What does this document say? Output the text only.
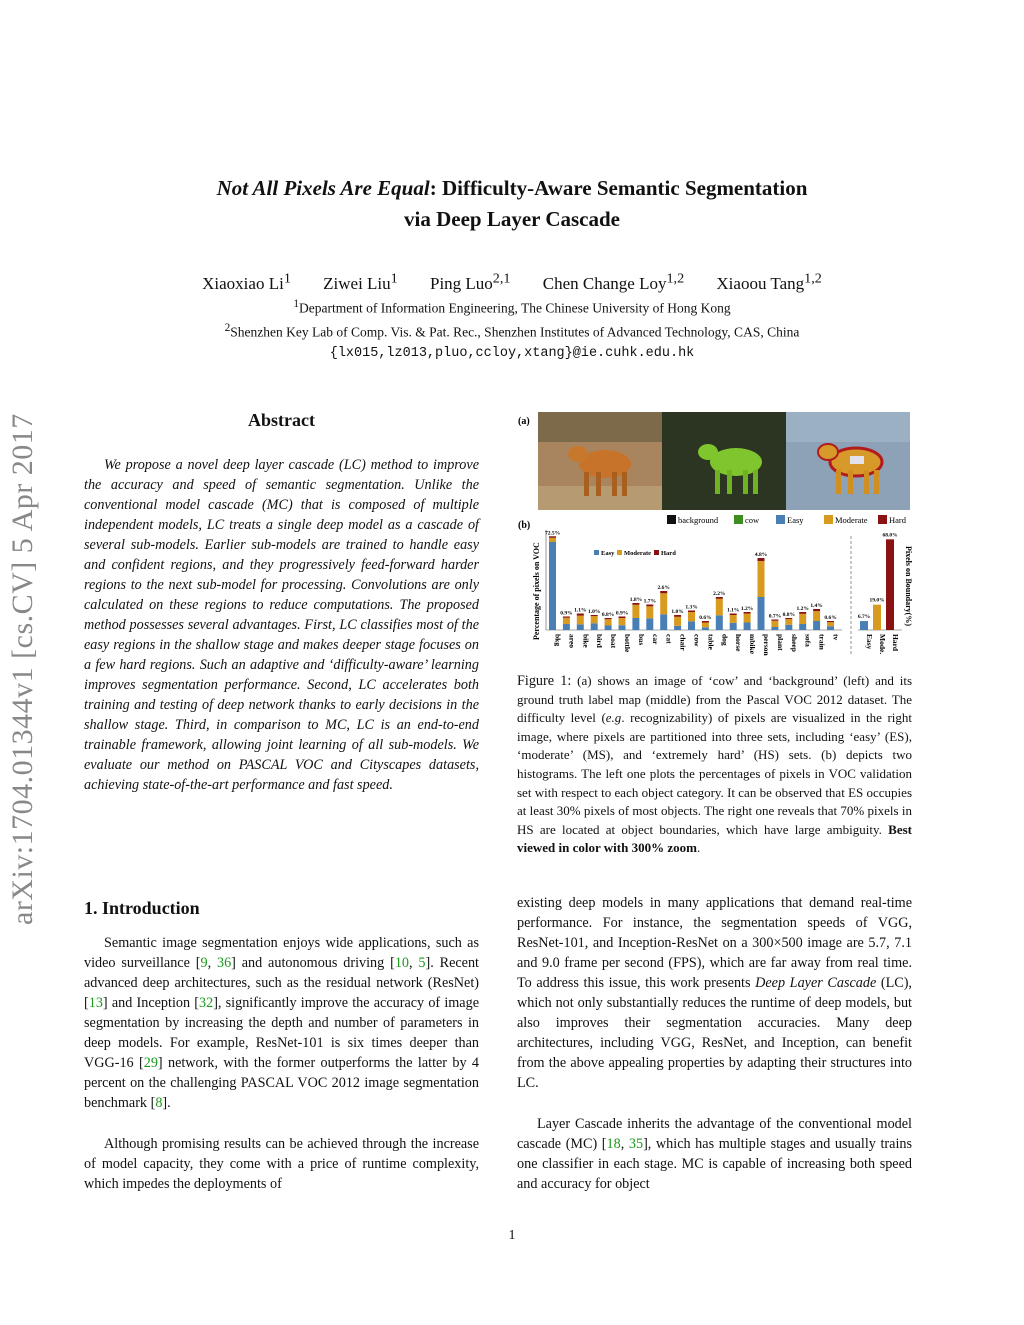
arXiv:1704.01344v1 [cs.CV] 5 Apr 2017
Not All Pixels Are Equal: Difficulty-Aware Semantic Segmentation
via Deep Layer Cascade
Xiaoxiao Li$^1$ Ziwei Liu$^1$ Ping Luo$^{2,1}$ Chen Change Loy$^{1,2}$ Xiaoou Tang$^{1,2}$
$^1$Department of Information Engineering, The Chinese University of Hong Kong
$^2$Shenzhen Key Lab of Comp. Vis. & Pat. Rec., Shenzhen Institutes of Advanced Technology, CAS, China
{lx015,lz013,pluo,ccloy,xtang}@ie.cuhk.edu.hk
Abstract
We propose a novel deep layer cascade (LC) method to improve the accuracy and speed of semantic segmentation. Unlike the conventional model cascade (MC) that is composed of multiple independent models, LC treats a single deep model as a cascade of several sub-models. Earlier sub-models are trained to handle easy and confident regions, and they progressively feed-forward harder regions to the next sub-model for processing. Convolutions are only calculated on these regions to reduce computations. The proposed method possesses several advantages. First, LC classifies most of the easy regions in the shallow stage and makes deeper stage focuses on a few hard regions. Such an adaptive and ‘difficulty-aware’ learning improves segmentation performance. Second, LC accelerates both training and testing of deep network thanks to early decisions in the shallow stage. Third, in comparison to MC, LC is an end-to-end trainable framework, allowing joint learning of all sub-models. We evaluate our method on PASCAL VOC and Cityscapes datasets, achieving state-of-the-art performance and fast speed.
1. Introduction
Semantic image segmentation enjoys wide applications, such as video surveillance [9, 36] and autonomous driving [10, 5]. Recent advanced deep architectures, such as the residual network (ResNet) [13] and Inception [32], significantly improve the accuracy of image segmentation by increasing the depth and number of parameters in deep models. For example, ResNet-101 is six times deeper than VGG-16 [29] network, with the former outperforms the latter by 4 percent on the challenging PASCAL VOC 2012 image segmentation benchmark [8].
Although promising results can be achieved through the increase of model capacity, they come with a price of runtime complexity, which impedes the deployments of
existing deep models in many applications that demand real-time performance. For instance, the segmentation speeds of VGG, ResNet-101, and Inception-ResNet on a 300×500 image are 5.7, 7.1 and 9.0 frame per second (FPS), which are far away from real time. To address this issue, this work presents Deep Layer Cascade (LC), which not only substantially reduces the runtime of deep models, but also improves their segmentation accuracies. Many deep architectures, including VGG, ResNet, and Inception, can benefit from the above appealing properties by adapting their structures into LC.
Layer Cascade inherits the advantage of the conventional model cascade (MC) [18, 35], which has multiple stages and usually trains one classifier in each stage. MC is capable of increasing both speed and accuracy for object
(a)
(b)	background	cow	Easy	Moderate	Hard
Easy Moderate Hard
Percentage of pixels on VOC	Pixels on Boundary(%)
72.5%
bkg
0.9%
areo
1.1%
bike
1.0%
bird
0.8%
boat
0.9%
bottle
1.8%
bus
1.7%
car
2.6%
cat
1.0%
chair
1.3%
cow
0.6%
table
2.2%
dog
1.1%
horse
1.2%
mbike
4.8%
person
0.7%
plant
0.8%
sheep
1.2%
sofa
1.4%
train
0.6%
tv
6.7%
Easy
19.0%
Mode.
68.0%
Hard
Figure 1: (a) shows an image of ‘cow’ and ‘background’ (left) and its ground truth label map (middle) from the Pascal VOC 2012 dataset. The difficulty level (e.g. recognizability) of pixels are visualized in the right image, where pixels are partitioned into three sets, including ‘easy’ (ES), ‘moderate’ (MS), and ‘extremely hard’ (HS) sets. (b) depicts two histograms. The left one plots the percentages of pixels in VOC validation set with respect to each object category. It can be observed that ES occupies at least 30% pixels of most objects. The right one reveals that 70% pixels in HS are located at object boundaries, which have large ambiguity. Best viewed in color with 300% zoom.
1
